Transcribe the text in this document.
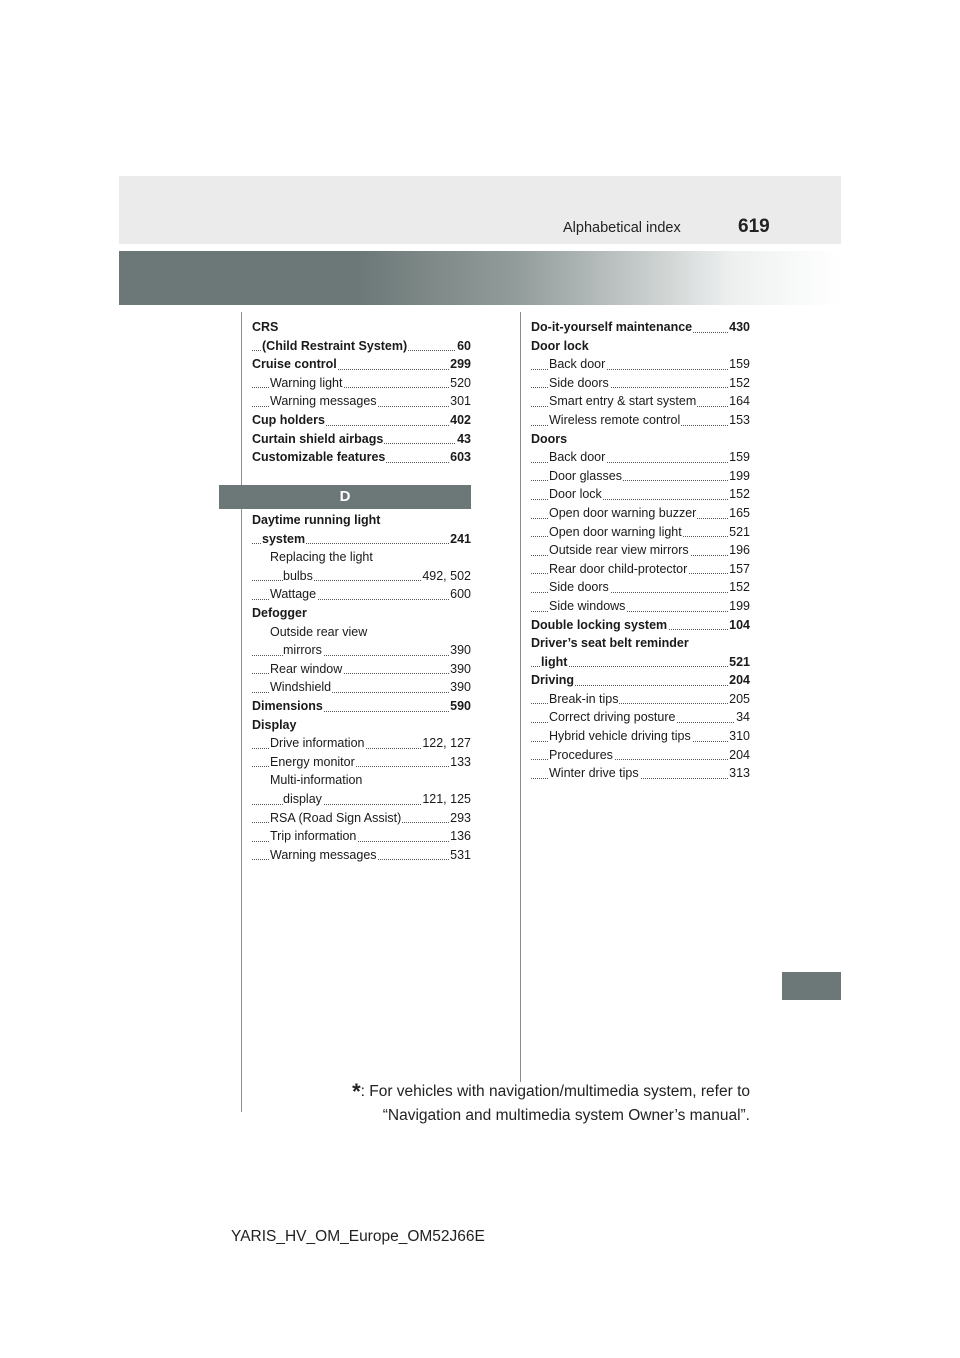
Alphabetical index	619
CRS
(Child Restraint System)	60
Cruise control	299
Warning light	520
Warning messages	301
Cup holders	402
Curtain shield airbags	43
Customizable features	603
D
Daytime running light
system	241
Replacing the light
bulbs	492, 502
Wattage	600
Defogger
Outside rear view
mirrors	390
Rear window	390
Windshield	390
Dimensions	590
Display
Drive information	122, 127
Energy monitor	133
Multi-information
display	121, 125
RSA (Road Sign Assist)	293
Trip information	136
Warning messages	531
Do-it-yourself maintenance	430
Door lock
Back door	159
Side doors	152
Smart entry & start system	164
Wireless remote control	153
Doors
Back door	159
Door glasses	199
Door lock	152
Open door warning buzzer	165
Open door warning light	521
Outside rear view mirrors	196
Rear door child-protector	157
Side doors	152
Side windows	199
Double locking system	104
Driver’s seat belt reminder
light	521
Driving	204
Break-in tips	205
Correct driving posture	34
Hybrid vehicle driving tips	310
Procedures	204
Winter drive tips	313
*: For vehicles with navigation/multimedia system, refer to
“Navigation and multimedia system Owner’s manual”.
YARIS_HV_OM_Europe_OM52J66E
